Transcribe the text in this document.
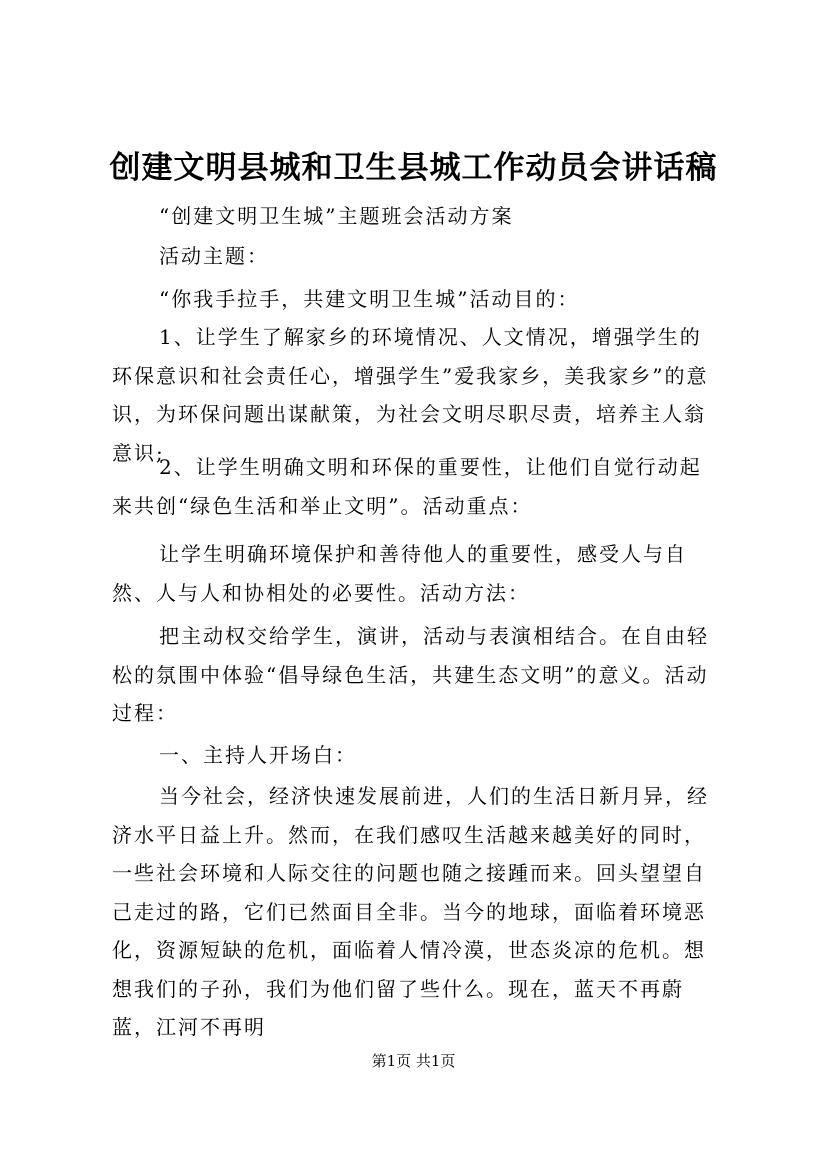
创建文明县城和卫生县城工作动员会讲话稿

“创建文明卫生城”主题班会活动方案

活动主题：

“你我手拉手，共建文明卫生城”活动目的：

1、让学生了解家乡的环境情况、人文情况，增强学生的环保意识和社会责任心，增强学生”爱我家乡，美我家乡”的意识，为环保问题出谋献策，为社会文明尽职尽责，培养主人翁意识;

2、让学生明确文明和环保的重要性，让他们自觉行动起来共创“绿色生活和举止文明”。活动重点：

让学生明确环境保护和善待他人的重要性，感受人与自然、人与人和协相处的必要性。活动方法：

把主动权交给学生，演讲，活动与表演相结合。在自由轻松的氛围中体验“倡导绿色生活，共建生态文明”的意义。活动过程：

一、主持人开场白：

当今社会，经济快速发展前进，人们的生活日新月异，经济水平日益上升。然而，在我们感叹生活越来越美好的同时，一些社会环境和人际交往的问题也随之接踵而来。回头望望自己走过的路，它们已然面目全非。当今的地球，面临着环境恶化，资源短缺的危机，面临着人情冷漠，世态炎凉的危机。想想我们的子孙，我们为他们留了些什么。现在，蓝天不再蔚蓝，江河不再明

第1页 共1页
